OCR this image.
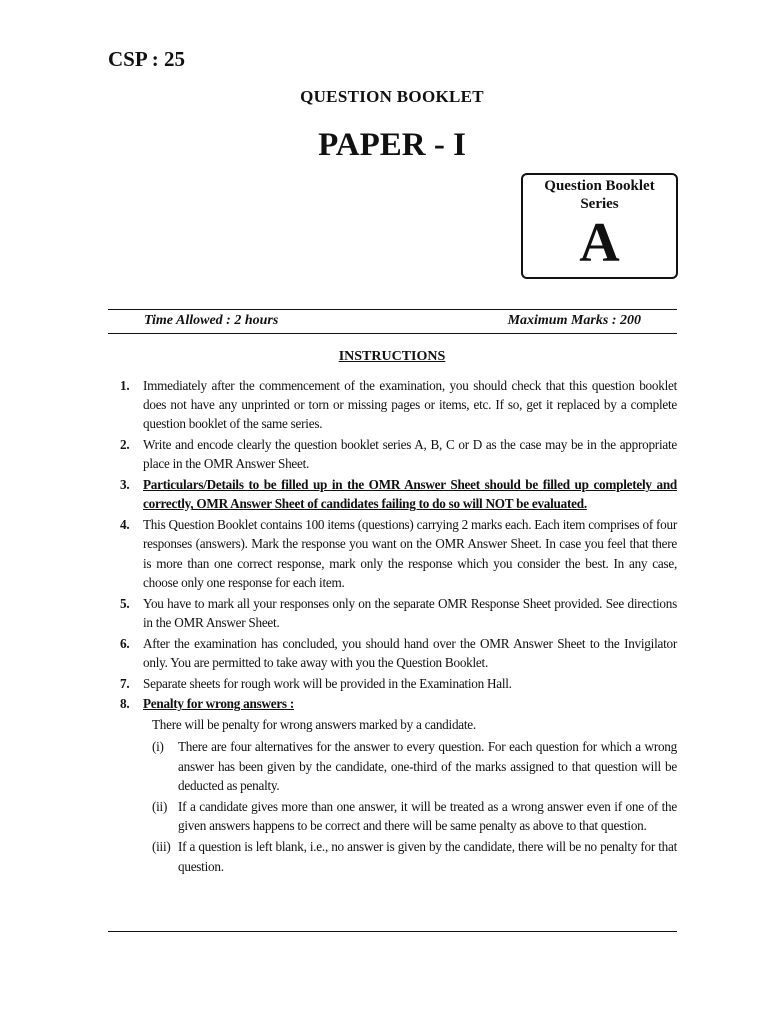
CSP : 25
QUESTION BOOKLET
PAPER - I
Question Booklet Series
A
Time Allowed : 2 hours	Maximum Marks : 200
INSTRUCTIONS
1. Immediately after the commencement of the examination, you should check that this question booklet does not have any unprinted or torn or missing pages or items, etc. If so, get it replaced by a complete question booklet of the same series.
2. Write and encode clearly the question booklet series A, B, C or D as the case may be in the appropriate place in the OMR Answer Sheet.
3. Particulars/Details to be filled up in the OMR Answer Sheet should be filled up completely and correctly, OMR Answer Sheet of candidates failing to do so will NOT be evaluated.
4. This Question Booklet contains 100 items (questions) carrying 2 marks each. Each item comprises of four responses (answers). Mark the response you want on the OMR Answer Sheet. In case you feel that there is more than one correct response, mark only the response which you consider the best. In any case, choose only one response for each item.
5. You have to mark all your responses only on the separate OMR Response Sheet provided. See directions in the OMR Answer Sheet.
6. After the examination has concluded, you should hand over the OMR Answer Sheet to the Invigilator only. You are permitted to take away with you the Question Booklet.
7. Separate sheets for rough work will be provided in the Examination Hall.
8. Penalty for wrong answers :
There will be penalty for wrong answers marked by a candidate.
(i) There are four alternatives for the answer to every question. For each question for which a wrong answer has been given by the candidate, one-third of the marks assigned to that question will be deducted as penalty.
(ii) If a candidate gives more than one answer, it will be treated as a wrong answer even if one of the given answers happens to be correct and there will be same penalty as above to that question.
(iii) If a question is left blank, i.e., no answer is given by the candidate, there will be no penalty for that question.
